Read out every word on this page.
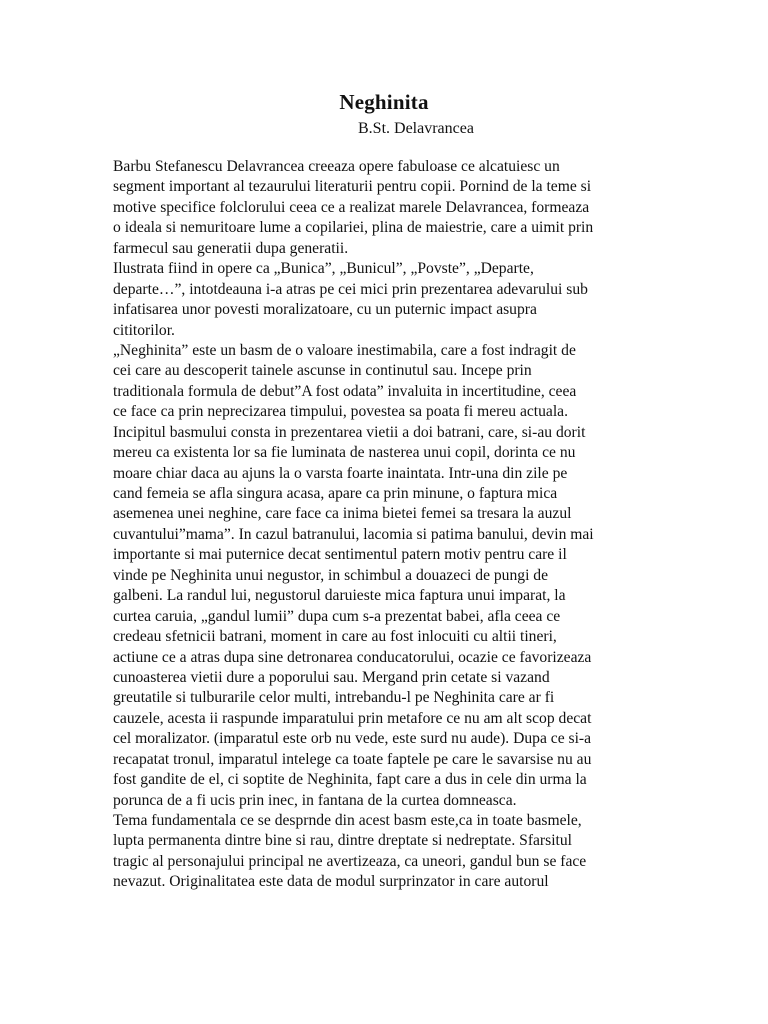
Neghinita
B.St. Delavrancea
Barbu Stefanescu Delavrancea creeaza opere fabuloase ce alcatuiesc un
segment important al tezaurului literaturii pentru copii. Pornind de la teme si
motive specifice folclorului ceea ce a realizat marele Delavrancea, formeaza
o ideala si nemuritoare lume a copilariei, plina de maiestrie, care a uimit prin
farmecul sau generatii dupa generatii.
Ilustrata fiind in opere ca „Bunica”, „Bunicul”, „Povste”, „Departe,
departe…”, intotdeauna i-a atras pe cei mici prin prezentarea adevarului sub
infatisarea unor povesti moralizatoare, cu un puternic impact asupra
cititorilor.
„Neghinita” este un basm de o valoare inestimabila, care a fost indragit de
cei care au descoperit tainele ascunse in continutul sau. Incepe prin
traditionala formula de debut”A fost odata” invaluita in incertitudine, ceea
ce face ca prin neprecizarea timpului, povestea sa poata fi mereu actuala.
Incipitul basmului consta in prezentarea vietii a doi batrani, care, si-au dorit
mereu ca existenta lor sa fie luminata de nasterea unui copil, dorinta ce nu
moare chiar daca au ajuns la o varsta foarte inaintata. Intr-una din zile pe
cand femeia se afla singura acasa, apare ca prin minune, o faptura mica
asemenea unei neghine, care face ca inima bietei femei sa tresara la auzul
cuvantului”mama”. In cazul batranului, lacomia si patima banului, devin mai
importante si mai puternice decat sentimentul patern motiv pentru care il
vinde pe Neghinita unui negustor, in schimbul a douazeci de pungi de
galbeni. La randul lui, negustorul daruieste mica faptura unui imparat, la
curtea caruia, „gandul lumii” dupa cum s-a prezentat babei, afla ceea ce
credeau sfetnicii batrani, moment in care au fost inlocuiti cu altii tineri,
actiune ce a atras dupa sine detronarea conducatorului, ocazie ce favorizeaza
cunoasterea vietii dure a poporului sau. Mergand prin cetate si vazand
greutatile si tulburarile celor multi, intrebandu-l pe Neghinita care ar fi
cauzele, acesta ii raspunde imparatului prin metafore ce nu am alt scop decat
cel moralizator. (imparatul este orb nu vede, este surd nu aude). Dupa ce si-a
recapatat tronul, imparatul intelege ca toate faptele pe care le savarsise nu au
fost gandite de el, ci soptite de Neghinita, fapt care a dus in cele din urma la
porunca de a fi ucis prin inec, in fantana de la curtea domneasca.
Tema fundamentala ce se desprnde din acest basm este,ca in toate basmele,
lupta permanenta dintre bine si rau, dintre dreptate si nedreptate. Sfarsitul
tragic al personajului principal ne avertizeaza, ca uneori, gandul bun se face
nevazut. Originalitatea este data de modul surprinzator in care autorul
